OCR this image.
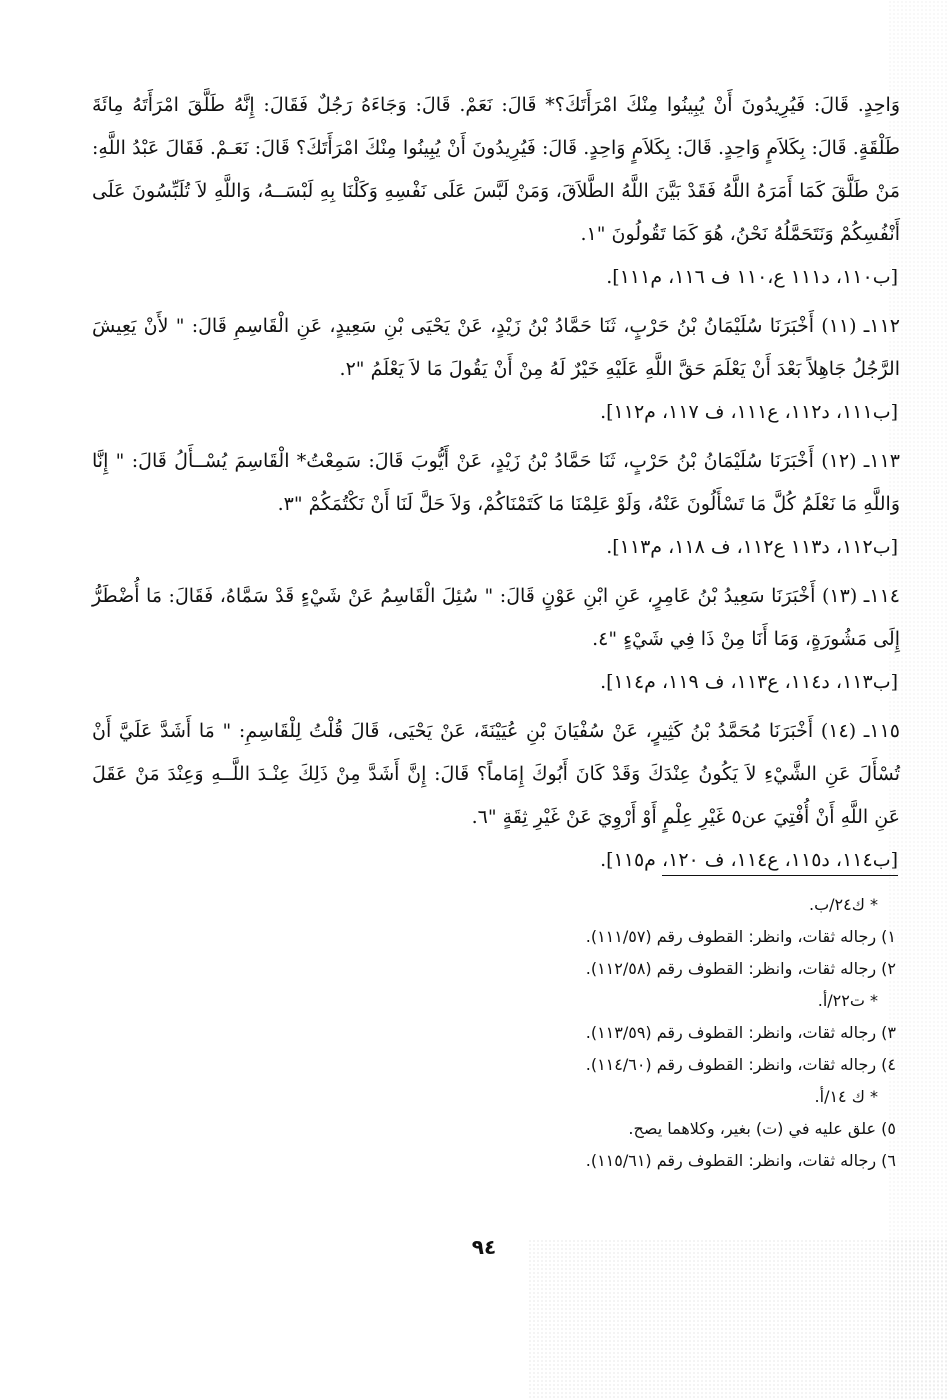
وَاحِدٍ. قَالَ: فَيُرِيدُونَ أَنْ يُبِينُوا مِنْكَ امْرَأَتَكَ؟* قَالَ: نَعَمْ. قَالَ: وَجَاءَهُ رَجُلٌ فَقَالَ: إِنَّهُ طَلَّقَ امْرَأَتَهُ مِائَةَ طَلْقَةٍ. قَالَ: بِكَلاَمٍ وَاحِدٍ. قَالَ: بِكَلاَمٍ وَاحِدٍ. قَالَ: فَيُرِيدُونَ أَنْ يُبِينُوا مِنْكَ امْرَأَتَكَ؟ قَالَ: نَعَـمْ. فَقَالَ عَبْدُ اللَّهِ: مَنْ طَلَّقَ كَمَا أَمَرَهُ اللَّهُ فَقَدْ بَيَّنَ اللَّهُ الطَّلاَقَ، وَمَنْ لَبَّسَ عَلَى نَفْسِهِ وَكَلْنَا بِهِ لَبْسَــهُ، وَاللَّهِ لاَ تُلَبِّسُونَ عَلَى أَنْفُسِكُمْ وَنَتَحَمَّلُهُ نَحْنُ، هُوَ كَمَا تَقُولُونَ "١.

[ب١١٠، د١١١ ع،١١٠ ف ١١٦، م١١١].

١١٢ـ (١١) أَخْبَرَنَا سُلَيْمَانُ بْنُ حَرْبٍ، ثَنَا حَمَّادُ بْنُ زَيْدٍ، عَنْ يَحْيَى بْنِ سَعِيدٍ، عَنِ الْقَاسِمِ قَالَ: " لأَنْ يَعِيشَ الرَّجُلُ جَاهِلاً بَعْدَ أَنْ يَعْلَمَ حَقَّ اللَّهِ عَلَيْهِ خَيْرٌ لَهُ مِنْ أَنْ يَقُولَ مَا لاَ يَعْلَمُ "٢.

[ب١١١، د١١٢، ع١١١، ف ١١٧، م١١٢].

١١٣ـ (١٢) أَخْبَرَنَا سُلَيْمَانُ بْنُ حَرْبٍ، ثَنَا حَمَّادُ بْنُ زَيْدٍ، عَنْ أَيُّوبَ قَالَ: سَمِعْتُ* الْقَاسِمَ يُسْــأَلُ قَالَ: " إِنَّا وَاللَّهِ مَا نَعْلَمُ كُلَّ مَا تَسْأَلُونَ عَنْهُ، وَلَوْ عَلِمْنَا مَا كَتَمْنَاكُمْ، وَلاَ حَلَّ لَنَا أَنْ نَكْتُمَكُمْ "٣.

[ب١١٢، د١١٣ ع١١٢، ف ١١٨، م١١٣].

١١٤ـ (١٣) أَخْبَرَنَا سَعِيدُ بْنُ عَامِرٍ، عَنِ ابْنِ عَوْنٍ قَالَ: " سُئِلَ الْقَاسِمُ عَنْ شَيْءٍ قَدْ سَمَّاهُ، فَقَالَ: مَا أُضْطَرُّ إِلَى مَشُورَةٍ، وَمَا أَنَا مِنْ ذَا فِي شَيْءٍ "٤.

[ب١١٣، د١١٤، ع١١٣، ف ١١٩، م١١٤].

١١٥ـ (١٤) أَخْبَرَنَا مُحَمَّدُ بْنُ كَثِيرٍ، عَنْ سُفْيَانَ بْنِ عُيَيْنَةَ، عَنْ يَحْيَى، قَالَ قُلْتُ لِلْقَاسِمِ: " مَا أَشَدَّ عَلَيَّ أَنْ تُسْأَلَ عَنِ الشَّيْءِ لاَ يَكُونُ عِنْدَكَ وَقَدْ كَانَ أَبُوكَ إِمَاماً؟ قَالَ: إِنَّ أَشَدَّ مِنْ ذَلِكَ عِنْـدَ اللَّــهِ وَعِنْدَ مَنْ عَقَلَ عَنِ اللَّهِ أَنْ أُفْتِيَ عن٥ غَيْرِ عِلْمٍ أَوْ أَرْوِيَ عَنْ غَيْرِ ثِقَةٍ "٦.

[ب١١٤، د١١٥، ع١١٤، ف ١٢٠، م١١٥].

* ك٢٤/ب.

١) رجاله ثقات، وانظر: القطوف رقم (١١١/٥٧).

٢) رجاله ثقات، وانظر: القطوف رقم (١١٢/٥٨).

* ت٢٢/أ.

٣) رجاله ثقات، وانظر: القطوف رقم (١١٣/٥٩).

٤) رجاله ثقات، وانظر: القطوف رقم (١١٤/٦٠).

* ك ١٤/أ.

٥) علق عليه في (ت) بغير، وكلاهما يصح.

٦) رجاله ثقات، وانظر: القطوف رقم (١١٥/٦١).

٩٤
